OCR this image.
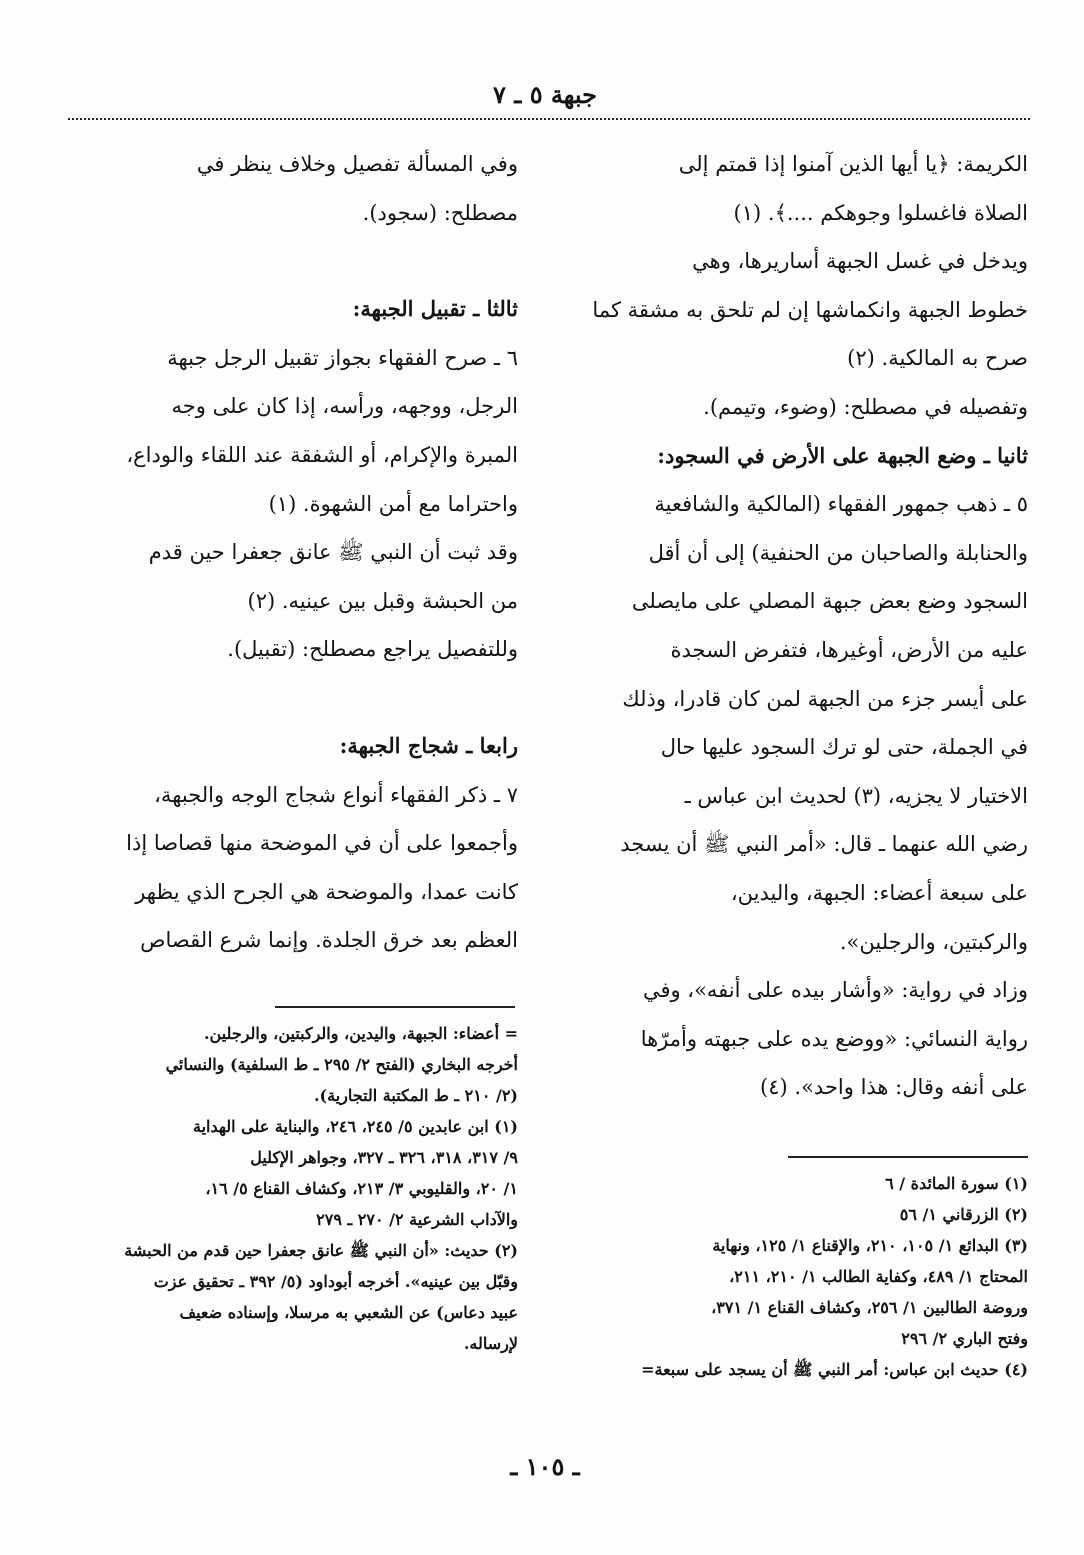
جبهة ٥ ـ ٧

الكريمة: ﴿يا أيها الذين آمنوا إذا قمتم إلى

الصلاة فاغسلوا وجوهكم ....﴾. (١)

ويدخل في غسل الجبهة أساريرها، وهي

خطوط الجبهة وانكماشها إن لم تلحق به مشقة كما

صرح به المالكية. (٢)

وتفصيله في مصطلح: (وضوء، وتيمم).

ثانيا ـ وضع الجبهة على الأرض في السجود:

٥ ـ ذهب جمهور الفقهاء (المالكية والشافعية

والحنابلة والصاحبان من الحنفية) إلى أن أقل

السجود وضع بعض جبهة المصلي على مايصلى

عليه من الأرض، أوغيرها، فتفرض السجدة

على أيسر جزء من الجبهة لمن كان قادرا، وذلك

في الجملة، حتى لو ترك السجود عليها حال

الاختيار لا يجزيه، (٣) لحديث ابن عباس ـ

رضي الله عنهما ـ قال: «أمر النبي ﷺ أن يسجد

على سبعة أعضاء: الجبهة، واليدين،

والركبتين، والرجلين».

وزاد في رواية: «وأشار بيده على أنفه»، وفي

رواية النسائي: «ووضع يده على جبهته وأمرّها

على أنفه وقال: هذا واحد». (٤)

وفي المسألة تفصيل وخلاف ينظر في

مصطلح: (سجود).

ثالثا ـ تقبيل الجبهة:

٦ ـ صرح الفقهاء بجواز تقبيل الرجل جبهة

الرجل، ووجهه، ورأسه، إذا كان على وجه

المبرة والإكرام، أو الشفقة عند اللقاء والوداع،

واحتراما مع أمن الشهوة. (١)

وقد ثبت أن النبي ﷺ عانق جعفرا حين قدم

من الحبشة وقبل بين عينيه. (٢)

وللتفصيل يراجع مصطلح: (تقبيل).

رابعا ـ شجاج الجبهة:

٧ ـ ذكر الفقهاء أنواع شجاج الوجه والجبهة،

وأجمعوا على أن في الموضحة منها قصاصا إذا

كانت عمدا، والموضحة هي الجرح الذي يظهر

العظم بعد خرق الجلدة. وإنما شرع القصاص

= أعضاء: الجبهة، واليدين، والركبتين، والرجلين.

أخرجه البخاري (الفتح ٢/ ٢٩٥ ـ ط السلفية) والنسائي

(٢/ ٢١٠ ـ ط المكتبة التجارية).

(١) ابن عابدين ٥/ ٢٤٥، ٢٤٦، والبناية على الهداية

٩/ ٣١٧، ٣١٨، ٣٢٦ ـ ٣٢٧، وجواهر الإكليل

١/ ٢٠، والقليوبي ٣/ ٢١٣، وكشاف القناع ٥/ ١٦،

والآداب الشرعية ٢/ ٢٧٠ ـ ٢٧٩

(٢) حديث: «أن النبي ﷺ عانق جعفرا حين قدم من الحبشة

وقبّل بين عينيه». أخرجه أبوداود (٥/ ٣٩٢ ـ تحقيق عزت

عبيد دعاس) عن الشعبي به مرسلا، وإسناده ضعيف

لإرساله.

(١) سورة المائدة / ٦

(٢) الزرقاني ١/ ٥٦

(٣) البدائع ١/ ١٠٥، ٢١٠، والإقناع ١/ ١٢٥، ونهاية

المحتاج ١/ ٤٨٩، وكفاية الطالب ١/ ٢١٠، ٢١١،

وروضة الطالبين ١/ ٢٥٦، وكشاف القناع ١/ ٣٧١،

وفتح الباري ٢/ ٢٩٦

(٤) حديث ابن عباس: أمر النبي ﷺ أن يسجد على سبعة=

ـ ١٠٥ ـ
